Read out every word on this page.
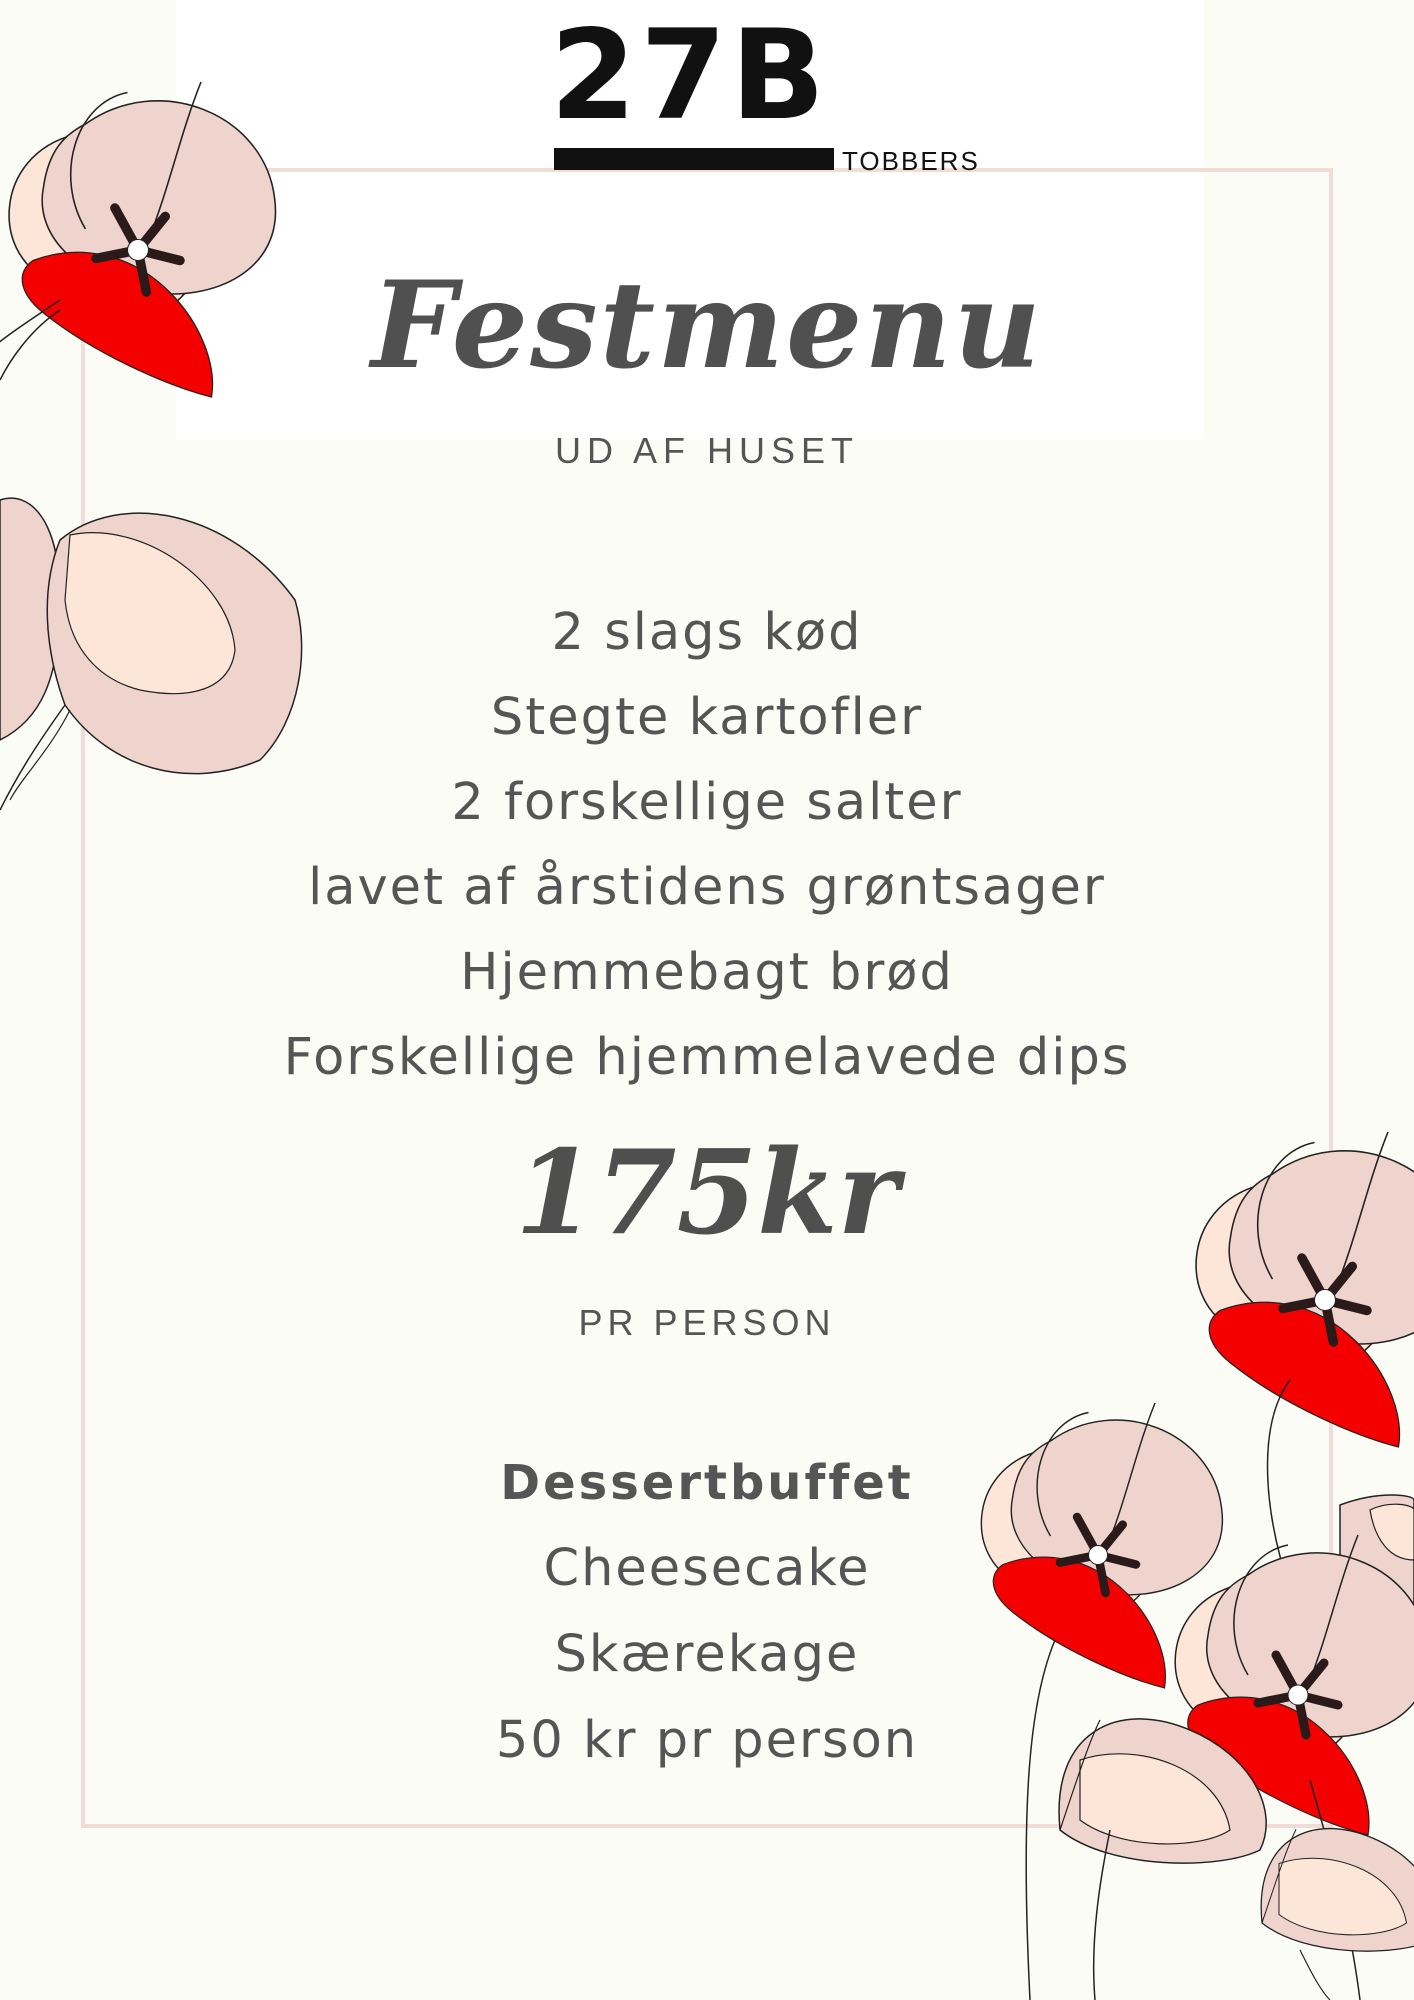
27B
TOBBERS
Festmenu
UD AF HUSET
2 slags kød
Stegte kartofler
2 forskellige salter
lavet af årstidens grøntsager
Hjemmebagt brød
Forskellige hjemmelavede dips
175kr
PR PERSON
Dessertbuffet
Cheesecake
Skærekage
50 kr pr person
